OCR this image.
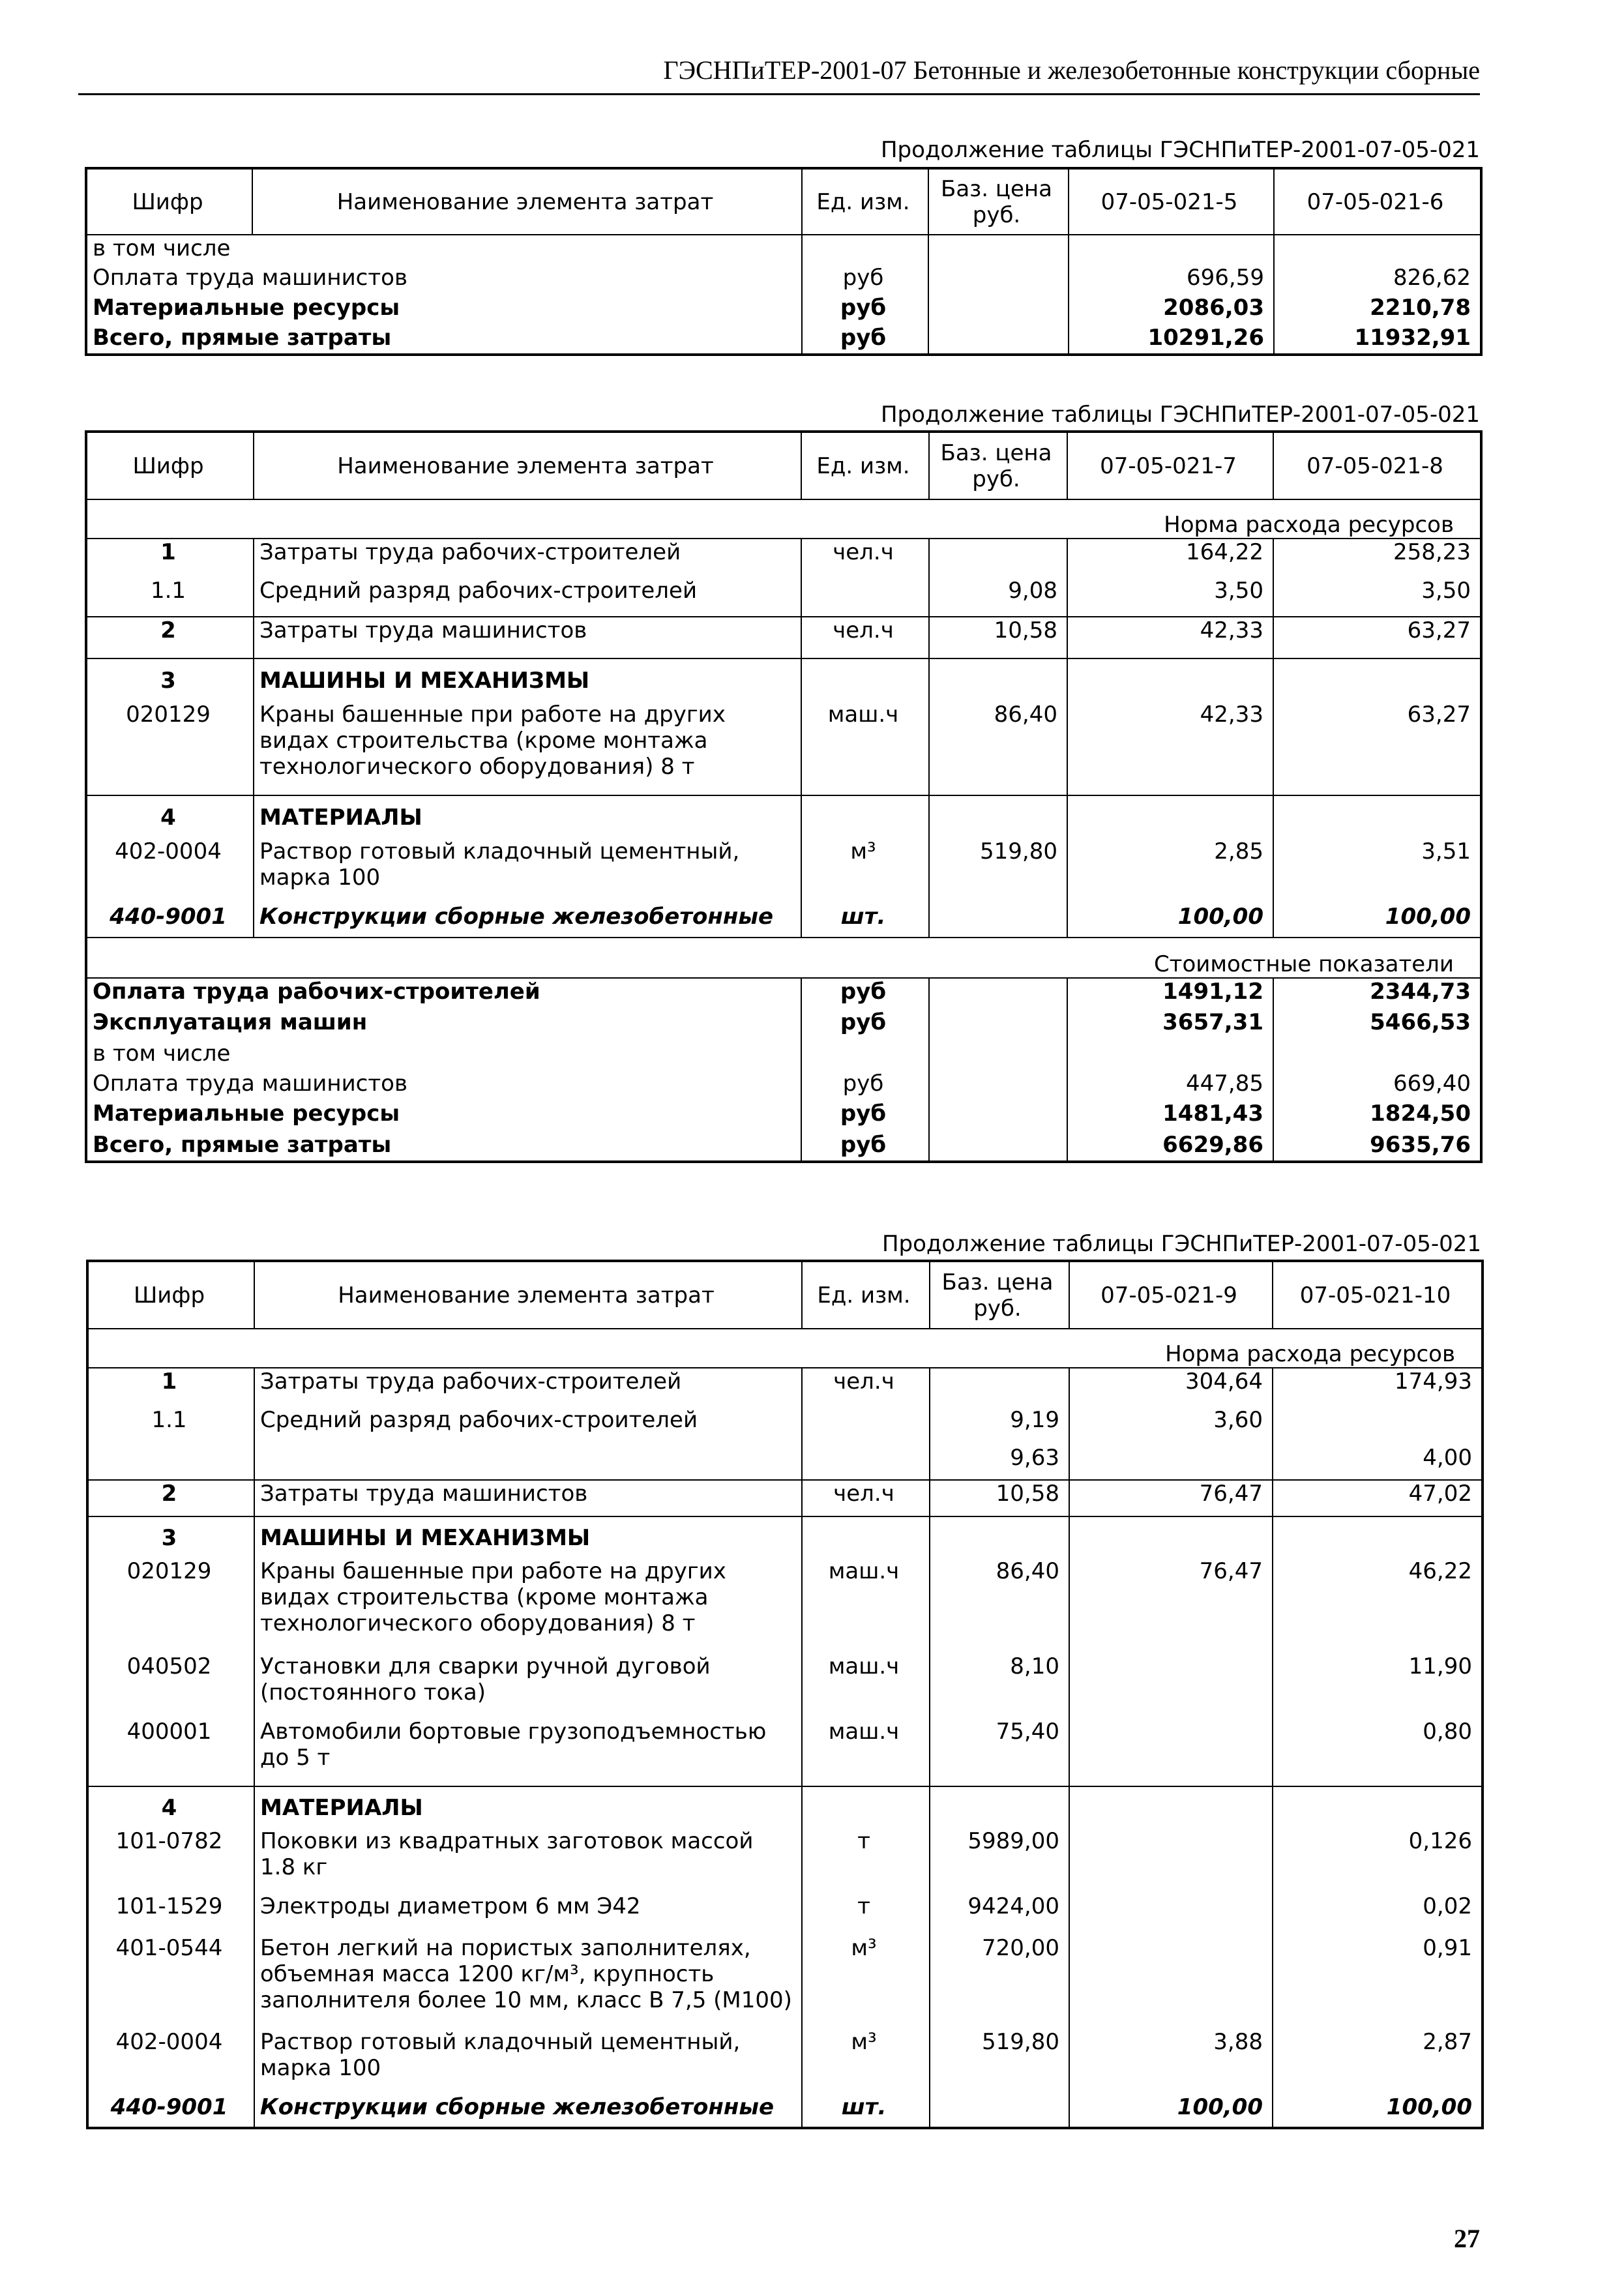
ГЭСНПиТЕР-2001-07 Бетонные и железобетонные конструкции сборные
Продолжение таблицы ГЭСНПиТЕР-2001-07-05-021
Шифр	Наименование элемента затрат	Ед. изм.	Баз. цена руб.	07-05-021-5	07-05-021-6
в том числе					
Оплата труда машинистов		руб		696,59	826,62
Материальные ресурсы		руб		2086,03	2210,78
Всего, прямые затраты		руб		10291,26	11932,91
Продолжение таблицы ГЭСНПиТЕР-2001-07-05-021
Шифр	Наименование элемента затрат	Ед. изм.	Баз. цена руб.	07-05-021-7	07-05-021-8
Норма расхода ресурсов					
1	Затраты труда рабочих-строителей	чел.ч		164,22	258,23
1.1	Средний разряд рабочих-строителей		9,08	3,50	3,50
2	Затраты труда машинистов	чел.ч	10,58	42,33	63,27
3	МАШИНЫ И МЕХАНИЗМЫ				
020129	Краны башенные при работе на других видах строительства (кроме монтажа технологического оборудования) 8 т	маш.ч	86,40	42,33	63,27
4	МАТЕРИАЛЫ				
402-0004	Раствор готовый кладочный цементный, марка 100	м³	519,80	2,85	3,51
440-9001	Конструкции сборные железобетонные	шт.		100,00	100,00
Стоимостные показатели					
Оплата труда рабочих-строителей		руб		1491,12	2344,73
Эксплуатация машин		руб		3657,31	5466,53
в том числе					
Оплата труда машинистов		руб		447,85	669,40
Материальные ресурсы		руб		1481,43	1824,50
Всего, прямые затраты		руб		6629,86	9635,76
Продолжение таблицы ГЭСНПиТЕР-2001-07-05-021
Шифр	Наименование элемента затрат	Ед. изм.	Баз. цена руб.	07-05-021-9	07-05-021-10
Норма расхода ресурсов					
1	Затраты труда рабочих-строителей	чел.ч		304,64	174,93
1.1	Средний разряд рабочих-строителей		9,19	3,60	
			9,63		4,00
2	Затраты труда машинистов	чел.ч	10,58	76,47	47,02
3	МАШИНЫ И МЕХАНИЗМЫ				
020129	Краны башенные при работе на других видах строительства (кроме монтажа технологического оборудования) 8 т	маш.ч	86,40	76,47	46,22
040502	Установки для сварки ручной дуговой (постоянного тока)	маш.ч	8,10		11,90
400001	Автомобили бортовые грузоподъемностью до 5 т	маш.ч	75,40		0,80
4	МАТЕРИАЛЫ				
101-0782	Поковки из квадратных заготовок массой 1.8 кг	т	5989,00		0,126
101-1529	Электроды диаметром 6 мм Э42	т	9424,00		0,02
401-0544	Бетон легкий на пористых заполнителях, объемная масса 1200 кг/м³, крупность заполнителя более 10 мм, класс В 7,5 (М100)	м³	720,00		0,91
402-0004	Раствор готовый кладочный цементный, марка 100	м³	519,80	3,88	2,87
440-9001	Конструкции сборные железобетонные	шт.		100,00	100,00
27
